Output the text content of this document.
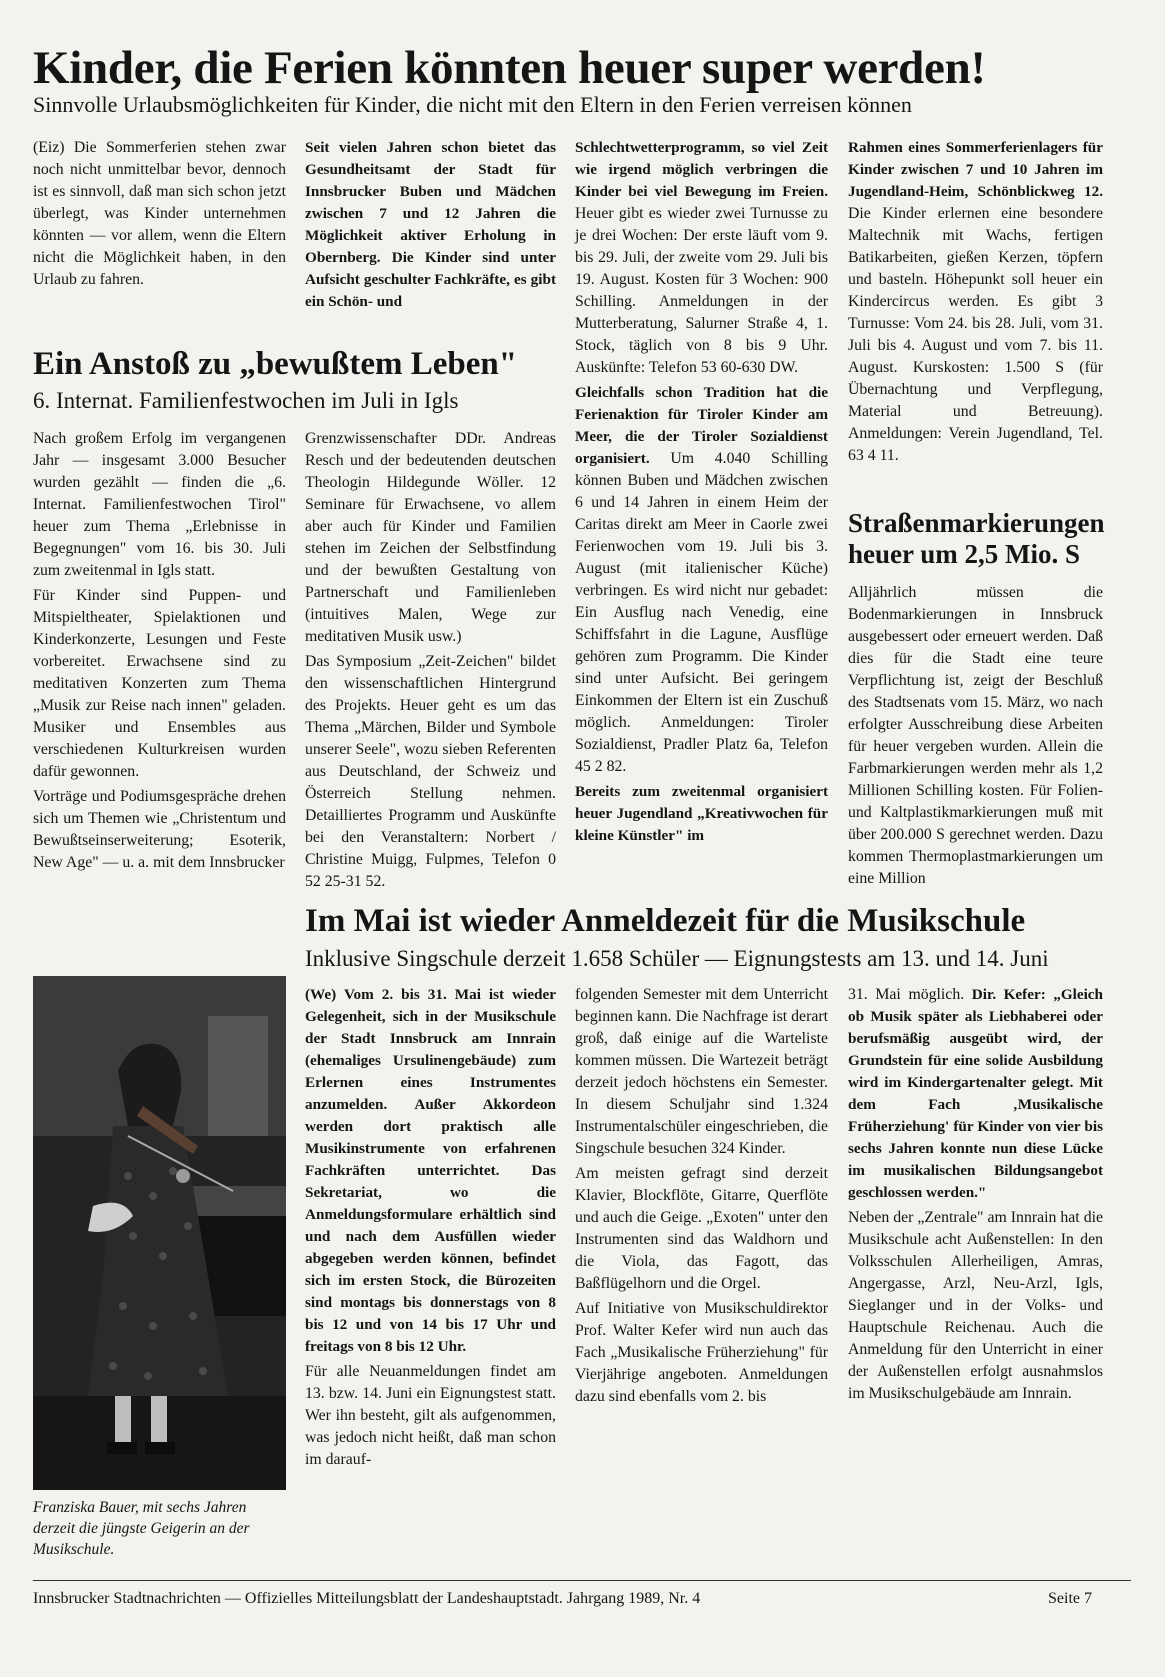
Kinder, die Ferien könnten heuer super werden!
Sinnvolle Urlaubsmöglichkeiten für Kinder, die nicht mit den Eltern in den Ferien verreisen können

(Eiz) Die Sommerferien stehen zwar noch nicht unmittelbar bevor, dennoch ist es sinnvoll, daß man sich schon jetzt überlegt, was Kinder unternehmen könnten — vor allem, wenn die Eltern nicht die Möglichkeit haben, in den Urlaub zu fahren.

Seit vielen Jahren schon bietet das Gesundheitsamt der Stadt für Innsbrucker Buben und Mädchen zwischen 7 und 12 Jahren die Möglichkeit aktiver Erholung in Obernberg. Die Kinder sind unter Aufsicht geschulter Fachkräfte, es gibt ein Schön- und

Schlechtwetterprogramm, so viel Zeit wie irgend möglich verbringen die Kinder bei viel Bewegung im Freien. Heuer gibt es wieder zwei Turnusse zu je drei Wochen: Der erste läuft vom 9. bis 29. Juli, der zweite vom 29. Juli bis 19. August. Kosten für 3 Wochen: 900 Schilling. Anmeldungen in der Mutterberatung, Salurner Straße 4, 1. Stock, täglich von 8 bis 9 Uhr. Auskünfte: Telefon 53 60-630 DW.

Gleichfalls schon Tradition hat die Ferienaktion für Tiroler Kinder am Meer, die der Tiroler Sozialdienst organisiert. Um 4.040 Schilling können Buben und Mädchen zwischen 6 und 14 Jahren in einem Heim der Caritas direkt am Meer in Caorle zwei Ferienwochen vom 19. Juli bis 3. August (mit italienischer Küche) verbringen. Es wird nicht nur gebadet: Ein Ausflug nach Venedig, eine Schiffsfahrt in die Lagune, Ausflüge gehören zum Programm. Die Kinder sind unter Aufsicht. Bei geringem Einkommen der Eltern ist ein Zuschuß möglich. Anmeldungen: Tiroler Sozialdienst, Pradler Platz 6a, Telefon 45 2 82.

Bereits zum zweitenmal organisiert heuer Jugendland „Kreativwochen für kleine Künstler" im

Rahmen eines Sommerferienlagers für Kinder zwischen 7 und 10 Jahren im Jugendland-Heim, Schönblickweg 12. Die Kinder erlernen eine besondere Maltechnik mit Wachs, fertigen Batikarbeiten, gießen Kerzen, töpfern und basteln. Höhepunkt soll heuer ein Kindercircus werden. Es gibt 3 Turnusse: Vom 24. bis 28. Juli, vom 31. Juli bis 4. August und vom 7. bis 11. August. Kurskosten: 1.500 S (für Übernachtung und Verpflegung, Material und Betreuung). Anmeldungen: Verein Jugendland, Tel. 63 4 11.

Ein Anstoß zu „bewußtem Leben"
6. Internat. Familienfestwochen im Juli in Igls

Nach großem Erfolg im vergangenen Jahr — insgesamt 3.000 Besucher wurden gezählt — finden die „6. Internat. Familienfestwochen Tirol" heuer zum Thema „Erlebnisse in Begegnungen" vom 16. bis 30. Juli zum zweitenmal in Igls statt.

Für Kinder sind Puppen- und Mitspieltheater, Spielaktionen und Kinderkonzerte, Lesungen und Feste vorbereitet. Erwachsene sind zu meditativen Konzerten zum Thema „Musik zur Reise nach innen" geladen. Musiker und Ensembles aus verschiedenen Kulturkreisen wurden dafür gewonnen.

Vorträge und Podiumsgespräche drehen sich um Themen wie „Christentum und Bewußtseinserweiterung; Esoterik, New Age" — u. a. mit dem Innsbrucker

Grenzwissenschafter DDr. Andreas Resch und der bedeutenden deutschen Theologin Hildegunde Wöller. 12 Seminare für Erwachsene, vo allem aber auch für Kinder und Familien stehen im Zeichen der Selbstfindung und der bewußten Gestaltung von Partnerschaft und Familienleben (intuitives Malen, Wege zur meditativen Musik usw.)

Das Symposium „Zeit-Zeichen" bildet den wissenschaftlichen Hintergrund des Projekts. Heuer geht es um das Thema „Märchen, Bilder und Symbole unserer Seele", wozu sieben Referenten aus Deutschland, der Schweiz und Österreich Stellung nehmen. Detailliertes Programm und Auskünfte bei den Veranstaltern: Norbert / Christine Muigg, Fulpmes, Telefon 0 52 25-31 52.

Straßenmarkierungen heuer um 2,5 Mio. S

Alljährlich müssen die Bodenmarkierungen in Innsbruck ausgebessert oder erneuert werden. Daß dies für die Stadt eine teure Verpflichtung ist, zeigt der Beschluß des Stadtsenats vom 15. März, wo nach erfolgter Ausschreibung diese Arbeiten für heuer vergeben wurden. Allein die Farbmarkierungen werden mehr als 1,2 Millionen Schilling kosten. Für Folien- und Kaltplastikmarkierungen muß mit über 200.000 S gerechnet werden. Dazu kommen Thermoplastmarkierungen um eine Million

Franziska Bauer, mit sechs Jahren derzeit die jüngste Geigerin an der Musikschule.
Im Mai ist wieder Anmeldezeit für die Musikschule
Inklusive Singschule derzeit 1.658 Schüler — Eignungstests am 13. und 14. Juni

(We) Vom 2. bis 31. Mai ist wieder Gelegenheit, sich in der Musikschule der Stadt Innsbruck am Innrain (ehemaliges Ursulinengebäude) zum Erlernen eines Instrumentes anzumelden. Außer Akkordeon werden dort praktisch alle Musikinstrumente von erfahrenen Fachkräften unterrichtet. Das Sekretariat, wo die Anmeldungsformulare erhältlich sind und nach dem Ausfüllen wieder abgegeben werden können, befindet sich im ersten Stock, die Bürozeiten sind montags bis donnerstags von 8 bis 12 und von 14 bis 17 Uhr und freitags von 8 bis 12 Uhr.

Für alle Neuanmeldungen findet am 13. bzw. 14. Juni ein Eignungstest statt. Wer ihn besteht, gilt als aufgenommen, was jedoch nicht heißt, daß man schon im darauf-

folgenden Semester mit dem Unterricht beginnen kann. Die Nachfrage ist derart groß, daß einige auf die Warteliste kommen müssen. Die Wartezeit beträgt derzeit jedoch höchstens ein Semester. In diesem Schuljahr sind 1.324 Instrumentalschüler eingeschrieben, die Singschule besuchen 324 Kinder.

Am meisten gefragt sind derzeit Klavier, Blockflöte, Gitarre, Querflöte und auch die Geige. „Exoten" unter den Instrumenten sind das Waldhorn und die Viola, das Fagott, das Baßflügelhorn und die Orgel.

Auf Initiative von Musikschuldirektor Prof. Walter Kefer wird nun auch das Fach „Musikalische Früherziehung" für Vierjährige angeboten. Anmeldungen dazu sind ebenfalls vom 2. bis

31. Mai möglich. Dir. Kefer: „Gleich ob Musik später als Liebhaberei oder berufsmäßig ausgeübt wird, der Grundstein für eine solide Ausbildung wird im Kindergartenalter gelegt. Mit dem Fach ‚Musikalische Früherziehung' für Kinder von vier bis sechs Jahren konnte nun diese Lücke im musikalischen Bildungsangebot geschlossen werden."

Neben der „Zentrale" am Innrain hat die Musikschule acht Außenstellen: In den Volksschulen Allerheiligen, Amras, Angergasse, Arzl, Neu-Arzl, Igls, Sieglanger und in der Volks- und Hauptschule Reichenau. Auch die Anmeldung für den Unterricht in einer der Außenstellen erfolgt ausnahmslos im Musikschulgebäude am Innrain.

Innsbrucker Stadtnachrichten — Offizielles Mitteilungsblatt der Landeshauptstadt. Jahrgang 1989, Nr. 4	Seite 7
